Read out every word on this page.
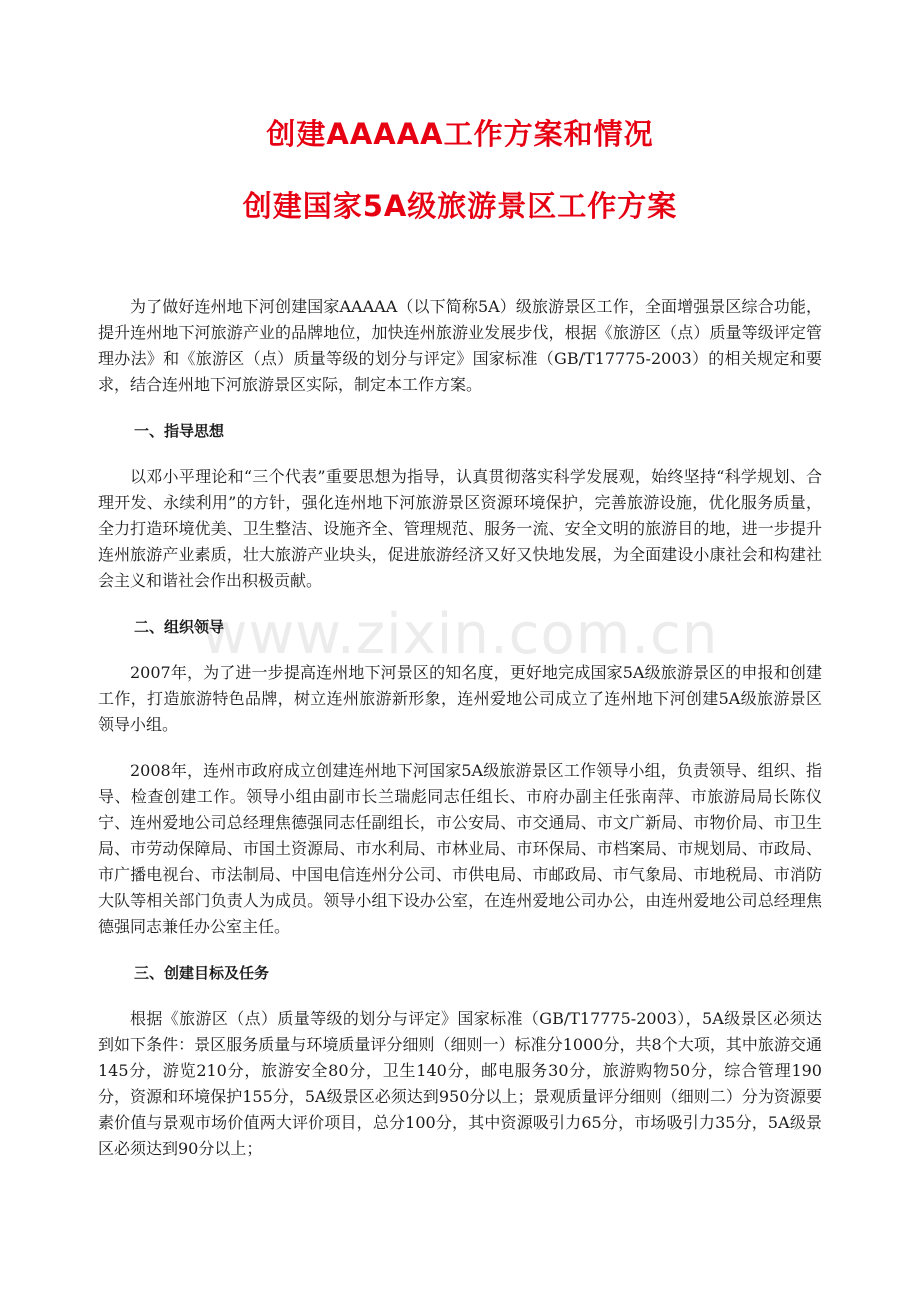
创建AAAAA工作方案和情况
创建国家5A级旅游景区工作方案

为了做好连州地下河创建国家AAAAA（以下简称5A）级旅游景区工作，全面增强景区综合功能，提升连州地下河旅游产业的品牌地位，加快连州旅游业发展步伐，根据《旅游区（点）质量等级评定管理办法》和《旅游区（点）质量等级的划分与评定》国家标准（GB/T17775-2003）的相关规定和要求，结合连州地下河旅游景区实际，制定本工作方案。

一、指导思想

以邓小平理论和“三个代表”重要思想为指导，认真贯彻落实科学发展观，始终坚持“科学规划、合理开发、永续利用”的方针，强化连州地下河旅游景区资源环境保护，完善旅游设施，优化服务质量，全力打造环境优美、卫生整洁、设施齐全、管理规范、服务一流、安全文明的旅游目的地，进一步提升连州旅游产业素质，壮大旅游产业块头，促进旅游经济又好又快地发展，为全面建设小康社会和构建社会主义和谐社会作出积极贡献。

二、组织领导

2007年，为了进一步提高连州地下河景区的知名度，更好地完成国家5A级旅游景区的申报和创建工作，打造旅游特色品牌，树立连州旅游新形象，连州爱地公司成立了连州地下河创建5A级旅游景区领导小组。

2008年，连州市政府成立创建连州地下河国家5A级旅游景区工作领导小组，负责领导、组织、指导、检查创建工作。领导小组由副市长兰瑞彪同志任组长、市府办副主任张南萍、市旅游局局长陈仪宁、连州爱地公司总经理焦德强同志任副组长，市公安局、市交通局、市文广新局、市物价局、市卫生局、市劳动保障局、市国土资源局、市水利局、市林业局、市环保局、市档案局、市规划局、市政局、市广播电视台、市法制局、中国电信连州分公司、市供电局、市邮政局、市气象局、市地税局、市消防大队等相关部门负责人为成员。领导小组下设办公室，在连州爱地公司办公，由连州爱地公司总经理焦德强同志兼任办公室主任。

三、创建目标及任务

根据《旅游区（点）质量等级的划分与评定》国家标准（GB/T17775-2003），5A级景区必须达到如下条件：景区服务质量与环境质量评分细则（细则一）标准分1000分，共8个大项，其中旅游交通145分，游览210分，旅游安全80分，卫生140分，邮电服务30分，旅游购物50分，综合管理190分，资源和环境保护155分，5A级景区必须达到950分以上；景观质量评分细则（细则二）分为资源要素价值与景观市场价值两大评价项目，总分100分，其中资源吸引力65分，市场吸引力35分，5A级景区必须达到90分以上；

www.zixin.com.cn
